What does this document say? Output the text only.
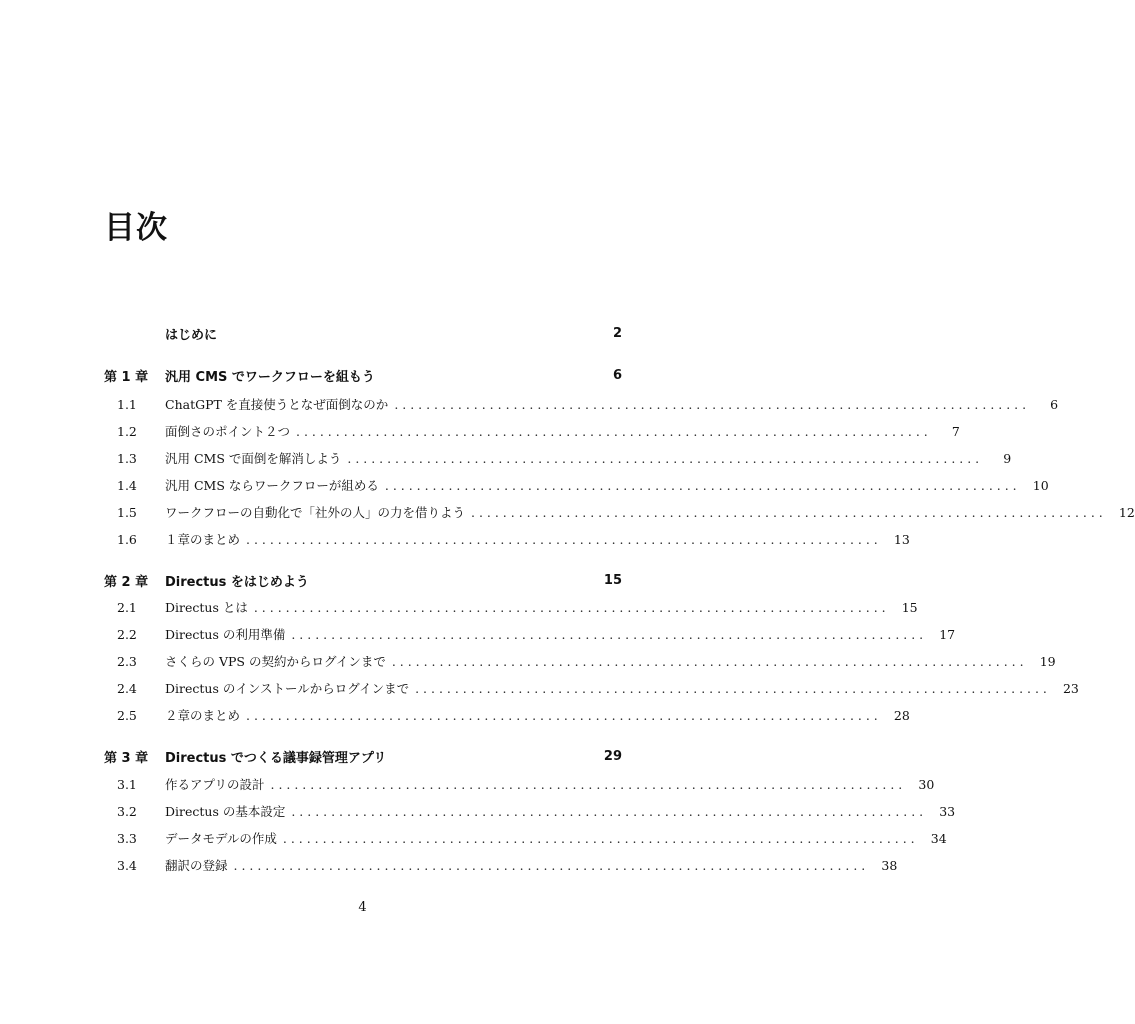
目次
はじめに	2
第 1 章	汎用 CMS でワークフローを組もう	6
1.1	ChatGPT を直接使うとなぜ面倒なのか . . . . . . . . . . . . . . . . . . . . . . . . . . . . . . . . . . . . . . . . . . . . . . . . . . . . . . . . . . . . . . . . . . . . . . . . . . . . . . . .	6
1.2	面倒さのポイント２つ . . . . . . . . . . . . . . . . . . . . . . . . . . . . . . . . . . . . . . . . . . . . . . . . . . . . . . . . . . . . . . . . . . . . . . . . . . . . . . . .	7
1.3	汎用 CMS で面倒を解消しよう . . . . . . . . . . . . . . . . . . . . . . . . . . . . . . . . . . . . . . . . . . . . . . . . . . . . . . . . . . . . . . . . . . . . . . . . . . . . . . . .	9
1.4	汎用 CMS ならワークフローが組める . . . . . . . . . . . . . . . . . . . . . . . . . . . . . . . . . . . . . . . . . . . . . . . . . . . . . . . . . . . . . . . . . . . . . . . . . . . . . . . .	10
1.5	ワークフローの自動化で「社外の人」の力を借りよう . . . . . . . . . . . . . . . . . . . . . . . . . . . . . . . . . . . . . . . . . . . . . . . . . . . . . . . . . . . . . . . . . . . . . . . . . . . . . . . .	12
1.6	１章のまとめ . . . . . . . . . . . . . . . . . . . . . . . . . . . . . . . . . . . . . . . . . . . . . . . . . . . . . . . . . . . . . . . . . . . . . . . . . . . . . . . .	13
第 2 章	Directus をはじめよう	15
2.1	Directus とは . . . . . . . . . . . . . . . . . . . . . . . . . . . . . . . . . . . . . . . . . . . . . . . . . . . . . . . . . . . . . . . . . . . . . . . . . . . . . . . .	15
2.2	Directus の利用準備 . . . . . . . . . . . . . . . . . . . . . . . . . . . . . . . . . . . . . . . . . . . . . . . . . . . . . . . . . . . . . . . . . . . . . . . . . . . . . . . .	17
2.3	さくらの VPS の契約からログインまで . . . . . . . . . . . . . . . . . . . . . . . . . . . . . . . . . . . . . . . . . . . . . . . . . . . . . . . . . . . . . . . . . . . . . . . . . . . . . . . .	19
2.4	Directus のインストールからログインまで . . . . . . . . . . . . . . . . . . . . . . . . . . . . . . . . . . . . . . . . . . . . . . . . . . . . . . . . . . . . . . . . . . . . . . . . . . . . . . . .	23
2.5	２章のまとめ . . . . . . . . . . . . . . . . . . . . . . . . . . . . . . . . . . . . . . . . . . . . . . . . . . . . . . . . . . . . . . . . . . . . . . . . . . . . . . . .	28
第 3 章	Directus でつくる議事録管理アプリ	29
3.1	作るアプリの設計 . . . . . . . . . . . . . . . . . . . . . . . . . . . . . . . . . . . . . . . . . . . . . . . . . . . . . . . . . . . . . . . . . . . . . . . . . . . . . . . .	30
3.2	Directus の基本設定 . . . . . . . . . . . . . . . . . . . . . . . . . . . . . . . . . . . . . . . . . . . . . . . . . . . . . . . . . . . . . . . . . . . . . . . . . . . . . . . .	33
3.3	データモデルの作成 . . . . . . . . . . . . . . . . . . . . . . . . . . . . . . . . . . . . . . . . . . . . . . . . . . . . . . . . . . . . . . . . . . . . . . . . . . . . . . . .	34
3.4	翻訳の登録 . . . . . . . . . . . . . . . . . . . . . . . . . . . . . . . . . . . . . . . . . . . . . . . . . . . . . . . . . . . . . . . . . . . . . . . . . . . . . . . .	38
4
